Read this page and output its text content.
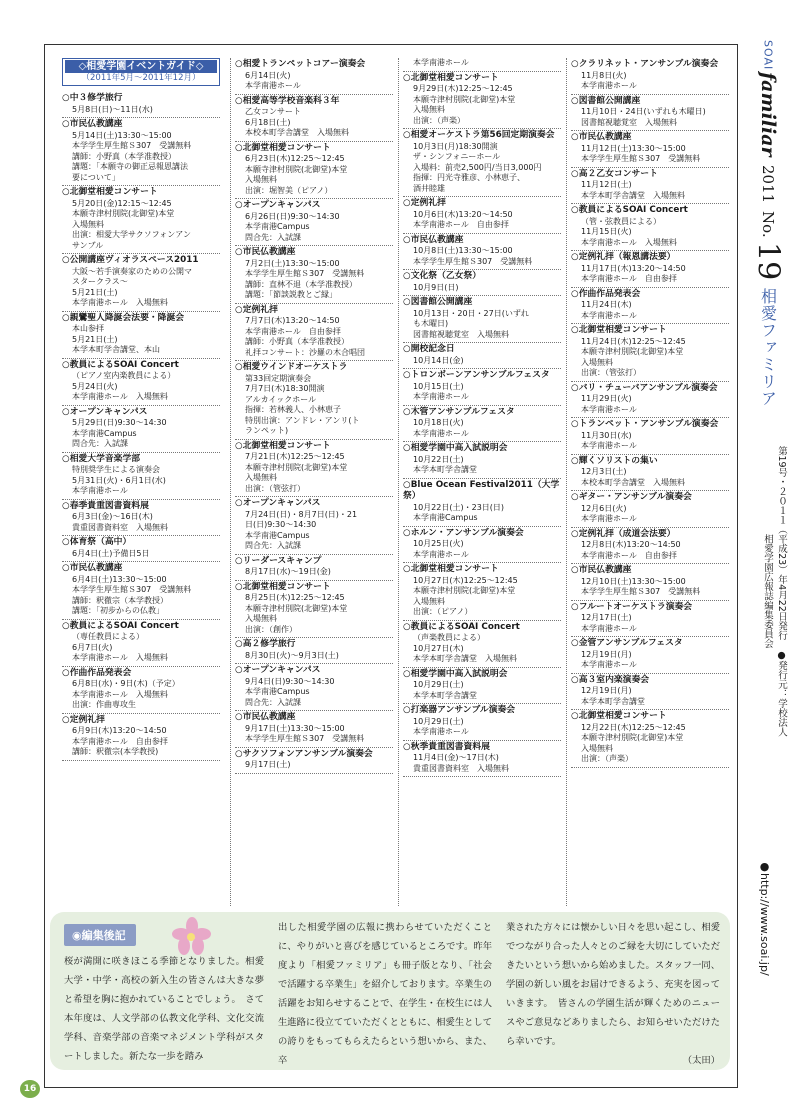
◇相愛学園イベントガイド◇
（2011年5月〜2011年12月）
○中３修学旅行
5月8日(日)〜11日(水)
○市民仏教講座
5月14日(土)13:30〜15:00
本学学生厚生館Ｓ307　受講無料
講師：小野真（本学准教授）
講題：「本願寺の御正忌報恩講法
要について」
○北御堂相愛コンサート
5月20日(金)12:15〜12:45
本願寺津村別院(北御堂)本堂
入場無料
出演：相愛大学サクソフォンアン
サンブル
○公開講座ヴィオラスペース2011
大阪〜若手演奏家のための公開マ
スタークラス〜
5月21日(土)
本学南港ホール　入場無料
○親鸞聖人降誕会法要・降誕会
本山参拝
5月21日(土)
本学本町学舎講堂、本山
○教員によるSOAI Concert
（ピアノ室内楽教員による）
5月24日(火)
本学南港ホール　入場無料
○オープンキャンパス
5月29日(日)9:30〜14:30
本学南港Campus
問合先：入試課
○相愛大学音楽学部
特別奨学生による演奏会
5月31日(火)・6月1日(水)
本学南港ホール
○春季貴重図書資料展
6月3日(金)〜16日(木)
貴重図書資料室　入場無料
○体育祭（高中）
6月4日(土)予備日5日
○市民仏教講座
6月4日(土)13:30〜15:00
本学学生厚生館Ｓ307　受講無料
講師：釈徹宗（本学教授）
講題：「初步からの仏教」
○教員によるSOAI Concert
（専任教員による）
6月7日(火)
本学南港ホール　入場無料
○作曲作品発表会
6月8日(水)・9日(木)（予定）
本学南港ホール　入場無料
出演：作曲専攻生
○定例礼拝
6月9日(木)13:20〜14:50
本学南港ホール　自由参拝
講師：釈徹宗(本学教授)
○相愛トランペットコアー演奏会
6月14日(火)
本学南港ホール
○相愛高等学校音楽科３年
乙女コンサート
6月18日(土)
本校本町学舎講堂　入場無料
○北御堂相愛コンサート
6月23日(木)12:25〜12:45
本願寺津村別院(北御堂)本堂
入場無料
出演：堀智美（ピアノ）
○オープンキャンパス
6月26日(日)9:30〜14:30
本学南港Campus
問合先：入試課
○市民仏教講座
7月2日(土)13:30〜15:00
本学学生厚生館Ｓ307　受講無料
講師：直林不退（本学准教授）
講題：「節談説教とご縁」
○定例礼拝
7月7日(木)13:20〜14:50
本学南港ホール　自由参拝
講師：小野真（本学准教授）
礼拝コンサート：沙羅の木合唱団
○相愛ウインドオーケストラ
第33回定期演奏会
7月7日(木)18:30開演
アルカイックホール
指揮：若林義人、小林恵子
特別出演：アンドレ・アンリ(ト
ランペット)
○北御堂相愛コンサート
7月21日(木)12:25〜12:45
本願寺津村別院(北御堂)本堂
入場無料
出演：（管弦打）
○オープンキャンパス
7月24日(日)・8月7日(日)・21
日(日)9:30〜14:30
本学南港Campus
問合先：入試課
○リーダースキャンプ
8月17日(水)〜19日(金)
○北御堂相愛コンサート
8月25日(木)12:25〜12:45
本願寺津村別院(北御堂)本堂
入場無料
出演：（創作）
○高２修学旅行
8月30日(火)〜9月3日(土)
○オープンキャンパス
9月4日(日)9:30〜14:30
本学南港Campus
問合先：入試課
○市民仏教講座
9月17日(土)13:30〜15:00
本学学生厚生館Ｓ307　受講無料
○サクソフォンアンサンブル演奏会
9月17日(土)
本学南港ホール
○北御堂相愛コンサート
9月29日(木)12:25〜12:45
本願寺津村別院(北御堂)本堂
入場無料
出演：（声楽）
○相愛オーケストラ第56回定期演奏会
10月3日(月)18:30開演
ザ・シンフォニーホール
入場料：前売2,500円/当日3,000円
指揮：円光寺雅彦、小林恵子、
酒井睦雄
○定例礼拝
10月6日(木)13:20〜14:50
本学南港ホール　自由参拝
○市民仏教講座
10月8日(土)13:30〜15:00
本学学生厚生館Ｓ307　受講無料
○文化祭（乙女祭）
10月9日(日)
○図書館公開講座
10月13日・20日・27日(いずれ
も木曜日)
図書館視聴覚室　入場無料
○開校記念日
10月14日(金)
○トロンボーンアンサンブルフェスタ
10月15日(土)
本学南港ホール
○木管アンサンブルフェスタ
10月18日(火)
本学南港ホール
○相愛学園中高入試説明会
10月22日(土)
本学本町学舎講堂
○Blue Ocean Festival2011（大学祭）
10月22日(土)・23日(日)
本学南港Campus
○ホルン・アンサンブル演奏会
10月25日(火)
本学南港ホール
○北御堂相愛コンサート
10月27日(木)12:25〜12:45
本願寺津村別院(北御堂)本堂
入場無料
出演：（ピアノ）
○教員によるSOAI Concert
（声楽教員による）
10月27日(木)
本学本町学舎講堂　入場無料
○相愛学園中高入試説明会
10月29日(土)
本学本町学舎講堂
○打楽器アンサンブル演奏会
10月29日(土)
本学南港ホール
○秋季貴重図書資料展
11月4日(金)〜17日(木)
貴重図書資料室　入場無料
○クラリネット・アンサンブル演奏会
11月8日(火)
本学南港ホール
○図書館公開講座
11月10日・24日(いずれも木曜日)
図書館視聴覚室　入場無料
○市民仏教講座
11月12日(土)13:30〜15:00
本学学生厚生館Ｓ307　受講無料
○高２乙女コンサート
11月12日(土)
本学本町学舎講堂　入場無料
○教員によるSOAI Concert
（管・弦教員による）
11月15日(火)
本学南港ホール　入場無料
○定例礼拝（報恩講法要）
11月17日(木)13:20〜14:50
本学南港ホール　自由参拝
○作曲作品発表会
11月24日(木)
本学南港ホール
○北御堂相愛コンサート
11月24日(木)12:25〜12:45
本願寺津村別院(北御堂)本堂
入場無料
出演：（管弦打）
○バリ・チューバアンサンブル演奏会
11月29日(火)
本学南港ホール
○トランペット・アンサンブル演奏会
11月30日(水)
本学南港ホール
○輝くソリストの集い
12月3日(土)
本校本町学舎講堂　入場無料
○ギター・アンサンブル演奏会
12月6日(火)
本学南港ホール
○定例礼拝（成道会法要）
12月8日(木)13:20〜14:50
本学南港ホール　自由参拝
○市民仏教講座
12月10日(土)13:30〜15:00
本学学生厚生館Ｓ307　受講無料
○フルートオーケストラ演奏会
12月17日(土)
本学南港ホール
○金管アンサンブルフェスタ
12月19日(月)
本学南港ホール
○高３室内楽演奏会
12月19日(月)
本学本町学舎講堂
○北御堂相愛コンサート
12月22日(木)12:25〜12:45
本願寺津村別院(北御堂)本堂
入場無料
出演：（声楽）
SOAI
familiar
2011
No.
19
相愛ファミリア
第19号・２０１１（平成23）年4月22日発行　●発行元：学校法人相愛学園広報誌編集委員会
◉編集後記
桜が満開に咲きほこる季節となりました。相愛大学・中学・高校の新入生の皆さんは大きな夢と希望を胸に抱かれていることでしょう。　さて本年度は、人文学部の仏教文化学科、文化交流学科、音楽学部の音楽マネジメント学科がスタートしました。新たな一歩を踏み
出した相愛学園の広報に携わらせていただくことに、やりがいと喜びを感じているところです。昨年度より「相愛ファミリア」も冊子版となり、「社会で活躍する卒業生」を紹介しております。卒業生の活躍をお知らせすることで、在学生・在校生には人生進路に役立てていただくとともに、相愛生としての誇りをもってもらえたらという想いから、また、卒
業された方々には懐かしい日々を思い起こし、相愛でつながり合った人々とのご縁を大切にしていただきたいという想いから始めました。スタッフ一同、学園の新しい風をお届けできるよう、充実を図っていきます。　皆さんの学園生活が輝くためのニュースやご意見などありましたら、お知らせいただけたら幸いです。
（太田）
●http://www.soai.jp/
16
